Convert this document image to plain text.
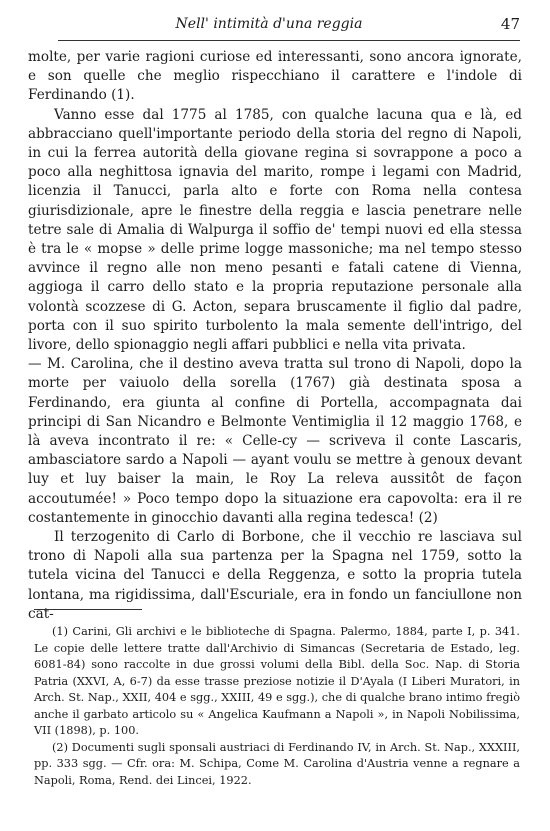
Nell' intimità d'una reggia	47

molte, per varie ragioni curiose ed interessanti, sono ancora ignorate, e son quelle che meglio rispecchiano il carattere e l'indole di Ferdinando (1).

Vanno esse dal 1775 al 1785, con qualche lacuna qua e là, ed abbracciano quell'importante periodo della storia del regno di Napoli, in cui la ferrea autorità della giovane regina si sovrappone a poco a poco alla neghittosa ignavia del marito, rompe i legami con Madrid, licenzia il Tanucci, parla alto e forte con Roma nella contesa giurisdizionale, apre le finestre della reggia e lascia penetrare nelle tetre sale di Amalia di Walpurga il soffio de' tempi nuovi ed ella stessa è tra le « mopse » delle prime logge massoniche; ma nel tempo stesso avvince il regno alle non meno pesanti e fatali catene di Vienna, aggioga il carro dello stato e la propria reputazione personale alla volontà scozzese di G. Acton, separa bruscamente il figlio dal padre, porta con il suo spirito turbolento la mala semente dell'intrigo, del livore, dello spionaggio negli affari pubblici e nella vita privata.

— M. Carolina, che il destino aveva tratta sul trono di Napoli, dopo la morte per vaiuolo della sorella (1767) già destinata sposa a Ferdinando, era giunta al confine di Portella, accompagnata dai principi di San Nicandro e Belmonte Ventimiglia il 12 maggio 1768, e là aveva incontrato il re: « Celle-cy — scriveva il conte Lascaris, ambasciatore sardo a Napoli — ayant voulu se mettre à genoux devant luy et luy baiser la main, le Roy La releva aussitôt de façon accoutumée! » Poco tempo dopo la situazione era capovolta: era il re costantemente in ginocchio davanti alla regina tedesca! (2)

Il terzogenito di Carlo di Borbone, che il vecchio re lasciava sul trono di Napoli alla sua partenza per la Spagna nel 1759, sotto la tutela vicina del Tanucci e della Reggenza, e sotto la propria tutela lontana, ma rigidissima, dall'Escuriale, era in fondo un fanciullone non cat-

(1) Carini, Gli archivi e le biblioteche di Spagna. Palermo, 1884, parte I, p. 341. Le copie delle lettere tratte dall'Archivio di Simancas (Secretaria de Estado, leg. 6081-84) sono raccolte in due grossi volumi della Bibl. della Soc. Nap. di Storia Patria (XXVI, A, 6-7) da esse trasse preziose notizie il D'Ayala (I Liberi Muratori, in Arch. St. Nap., XXII, 404 e sgg., XXIII, 49 e sgg.), che di qualche brano intimo fregiò anche il garbato articolo su « Angelica Kaufmann a Napoli », in Napoli Nobilissima, VII (1898), p. 100.

(2) Documenti sugli sponsali austriaci di Ferdinando IV, in Arch. St. Nap., XXXIII, pp. 333 sgg. — Cfr. ora: M. Schipa, Come M. Carolina d'Austria venne a regnare a Napoli, Roma, Rend. dei Lincei, 1922.
